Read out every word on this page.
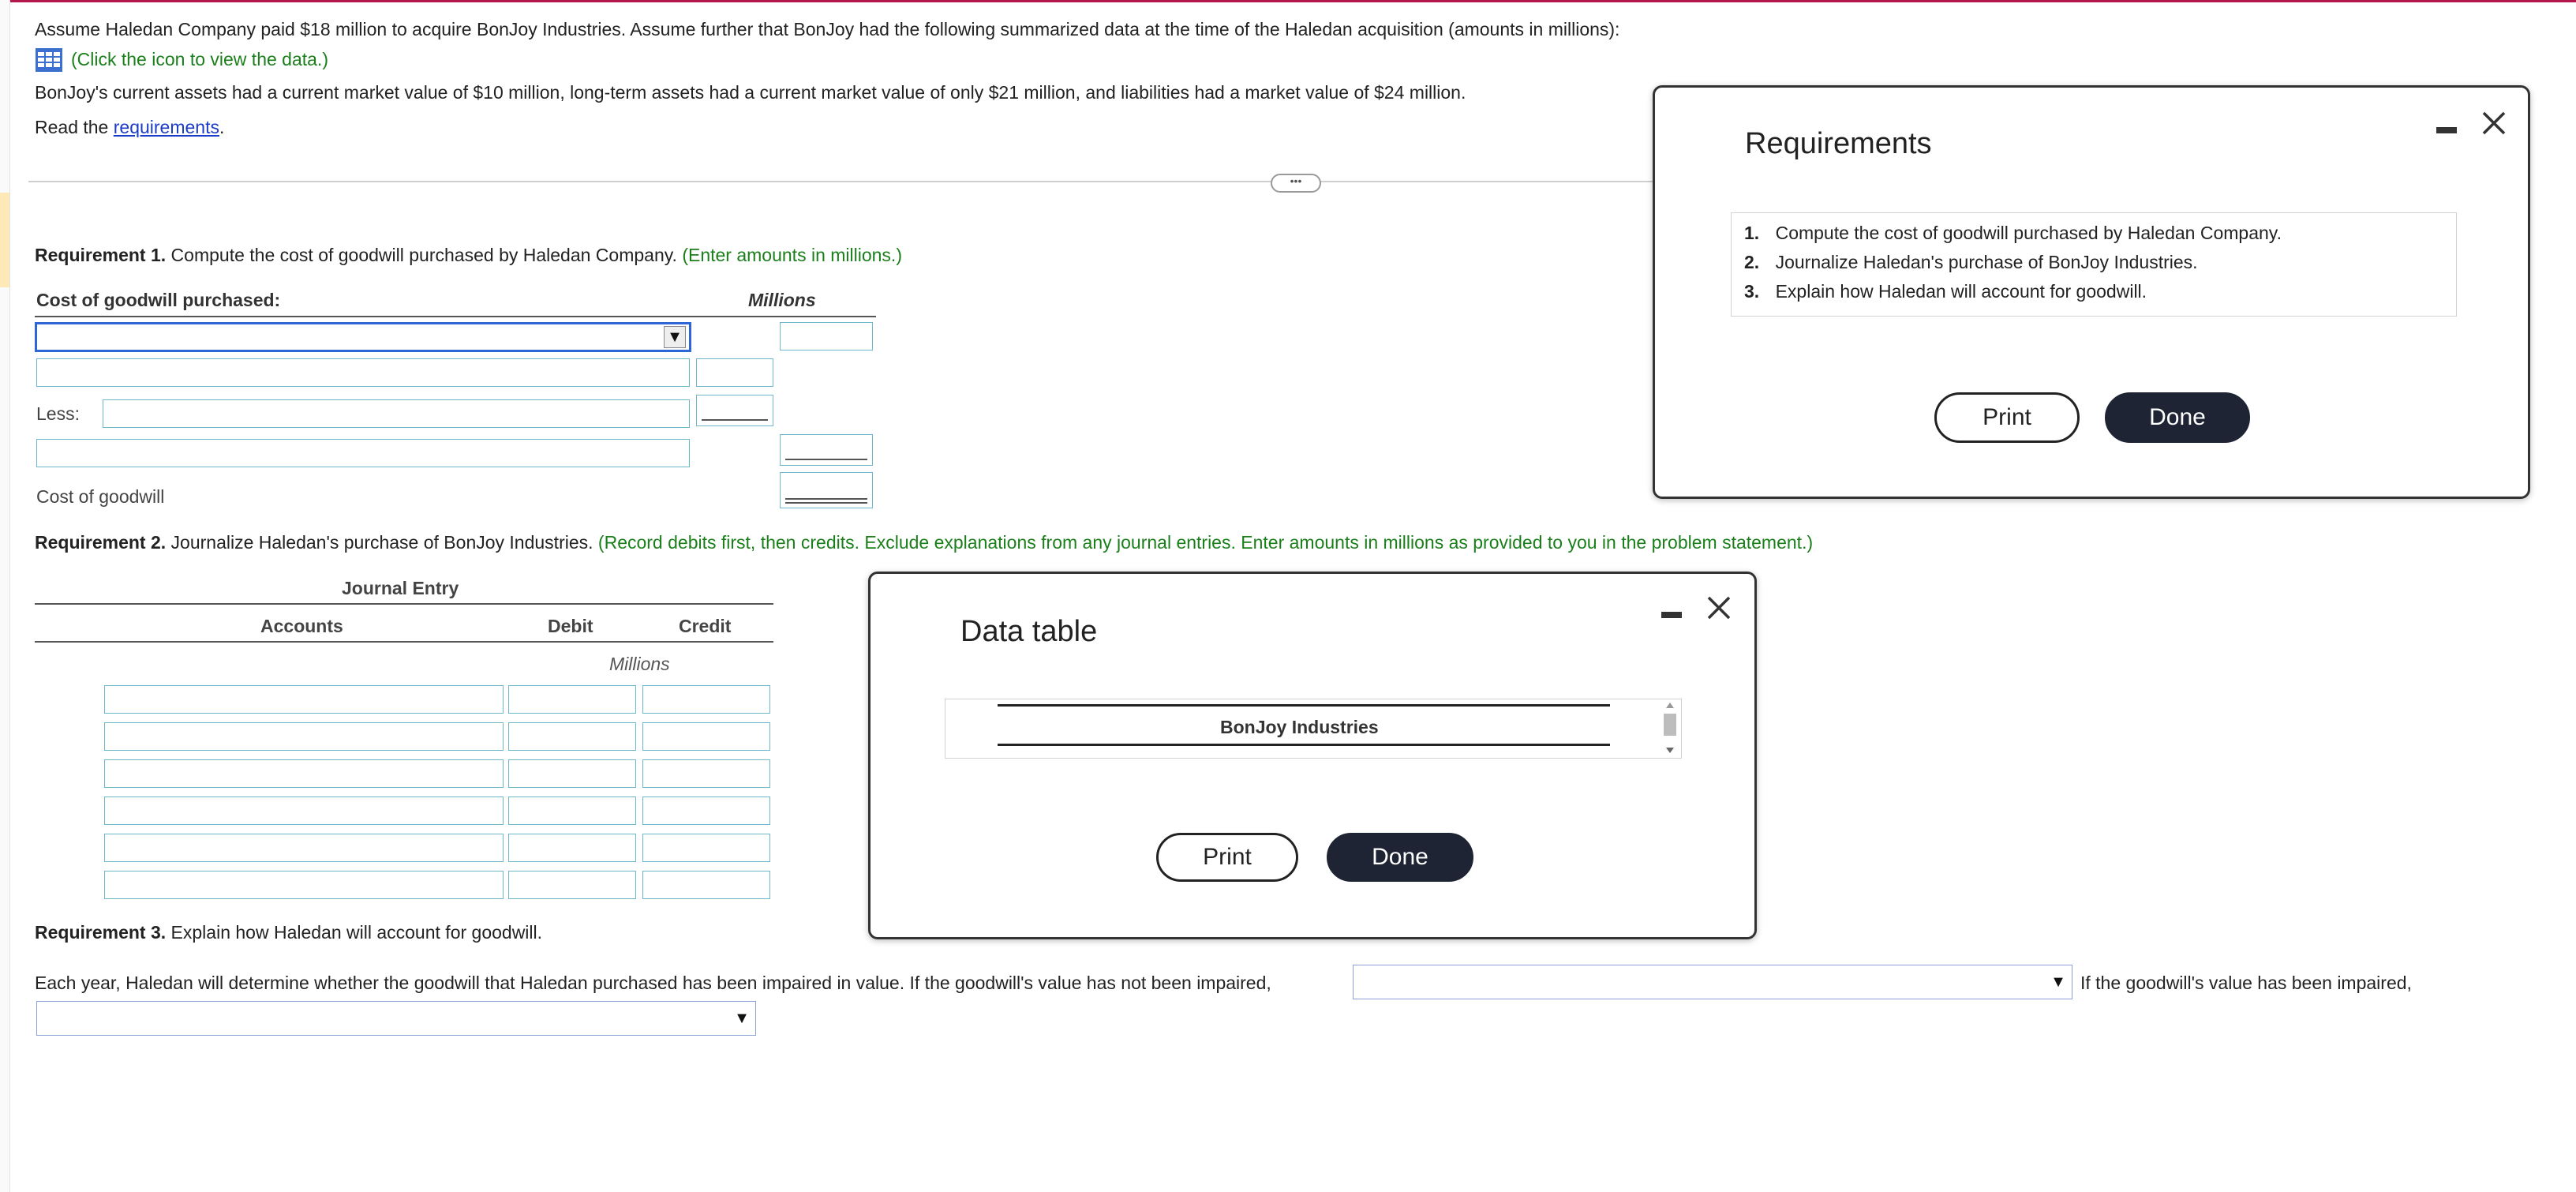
Assume Haledan Company paid $18 million to acquire BonJoy Industries. Assume further that BonJoy had the following summarized data at the time of the Haledan acquisition (amounts in millions):
(Click the icon to view the data.)
BonJoy's current assets had a current market value of $10 million, long-term assets had a current market value of only $21 million, and liabilities had a market value of $24 million.
Read the requirements.
•••
Requirement 1. Compute the cost of goodwill purchased by Haledan Company. (Enter amounts in millions.)
Cost of goodwill purchased:	Millions
▼
Less:
Cost of goodwill
Requirement 2. Journalize Haledan's purchase of BonJoy Industries. (Record debits first, then credits. Exclude explanations from any journal entries. Enter amounts in millions as provided to you in the problem statement.)
Journal Entry
Accounts	Debit	Credit
Millions
Requirement 3. Explain how Haledan will account for goodwill.
Each year, Haledan will determine whether the goodwill that Haledan purchased has been impaired in value. If the goodwill's value has not been impaired,	▼ If the goodwill's value has been impaired,
▼
Requirements
1. Compute the cost of goodwill purchased by Haledan Company.
2. Journalize Haledan's purchase of BonJoy Industries.
3. Explain how Haledan will account for goodwill.
Print	Done
Data table
BonJoy Industries
Print	Done
